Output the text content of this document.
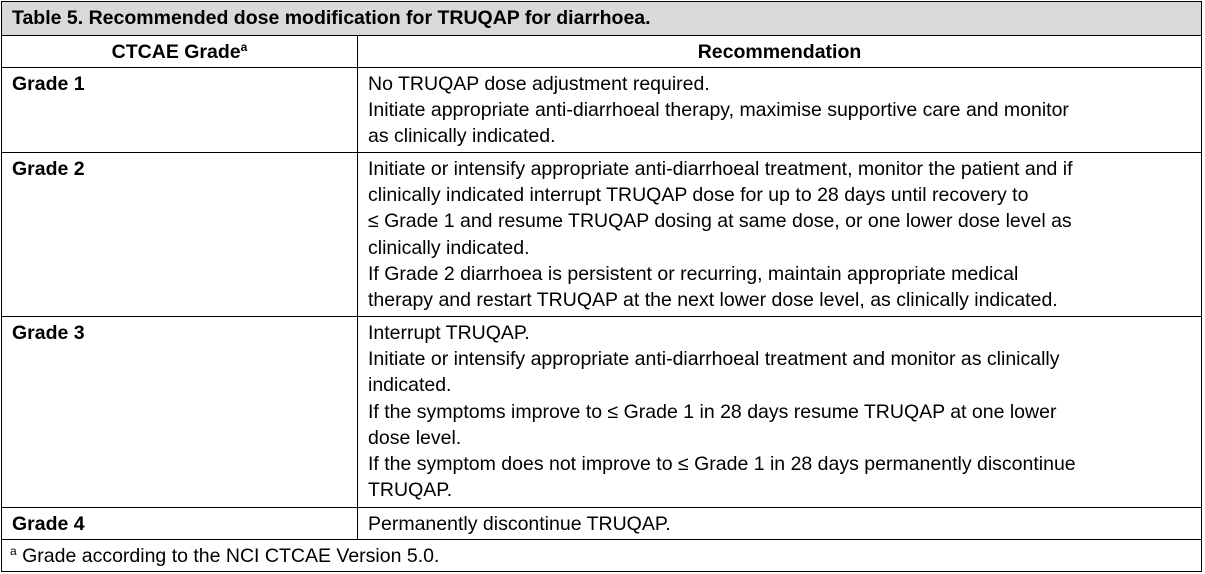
Table 5. Recommended dose modification for TRUQAP for diarrhoea.
CTCAE Grade$^a$	Recommendation
Grade 1	No TRUQAP dose adjustment required.
Initiate appropriate anti-diarrhoeal therapy, maximise supportive care and monitor
as clinically indicated.
Grade 2	Initiate or intensify appropriate anti-diarrhoeal treatment, monitor the patient and if
clinically indicated interrupt TRUQAP dose for up to 28 days until recovery to
≤ Grade 1 and resume TRUQAP dosing at same dose, or one lower dose level as
clinically indicated.
If Grade 2 diarrhoea is persistent or recurring, maintain appropriate medical
therapy and restart TRUQAP at the next lower dose level, as clinically indicated.
Grade 3	Interrupt TRUQAP.
Initiate or intensify appropriate anti-diarrhoeal treatment and monitor as clinically
indicated.
If the symptoms improve to ≤ Grade 1 in 28 days resume TRUQAP at one lower
dose level.
If the symptom does not improve to ≤ Grade 1 in 28 days permanently discontinue
TRUQAP.
Grade 4	Permanently discontinue TRUQAP.
$^a$ Grade according to the NCI CTCAE Version 5.0.
